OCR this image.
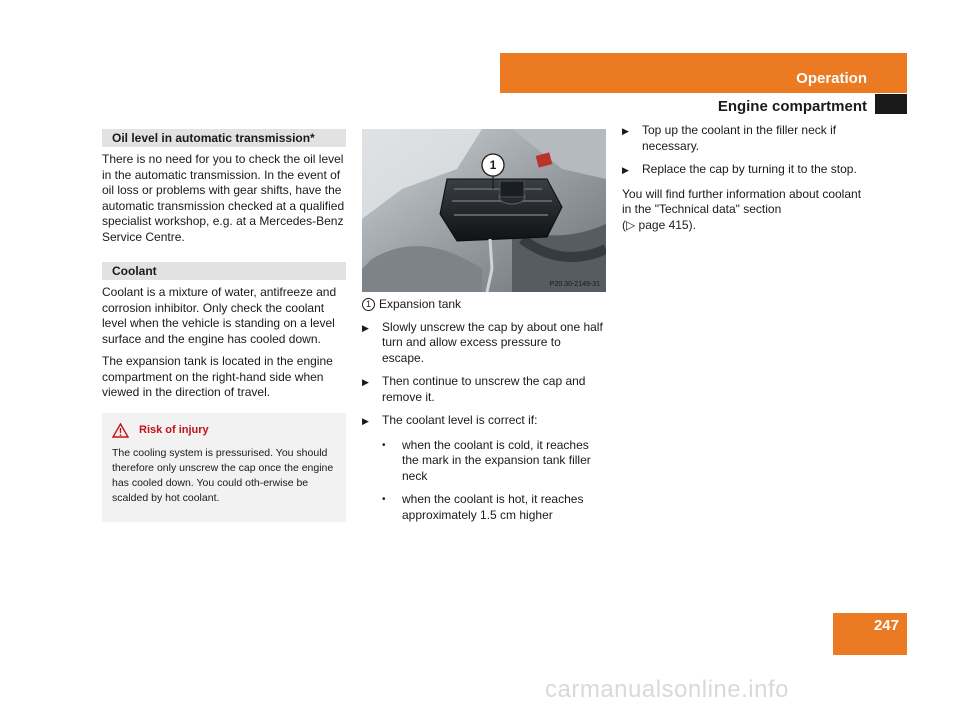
Operation
Engine compartment
Oil level in automatic transmission*

There is no need for you to check the oil level in the automatic transmission. In the event of oil loss or problems with gear shifts, have the automatic transmission checked at a qualified specialist workshop, e.g. at a Mercedes-Benz Service Centre.

Coolant

Coolant is a mixture of water, antifreeze and corrosion inhibitor. Only check the coolant level when the vehicle is standing on a level surface and the engine has cooled down.

The expansion tank is located in the engine compartment on the right-hand side when viewed in the direction of travel.

Risk of injury

The cooling system is pressurised. You should therefore only unscrew the cap once the engine has cooled down. You could oth-erwise be scalded by hot coolant.

1
P20.30-2149-31
1 Expansion tank
▶	Slowly unscrew the cap by about one half turn and allow excess pressure to escape.
▶	Then continue to unscrew the cap and remove it.
▶	The coolant level is correct if:
•	when the coolant is cold, it reaches the mark in the expansion tank filler neck
•	when the coolant is hot, it reaches approximately 1.5 cm higher
▶	Top up the coolant in the filler neck if necessary.
▶	Replace the cap by turning it to the stop.

You will find further information about coolant in the "Technical data" section
(▷ page 415).

247
carmanualsonline.info
